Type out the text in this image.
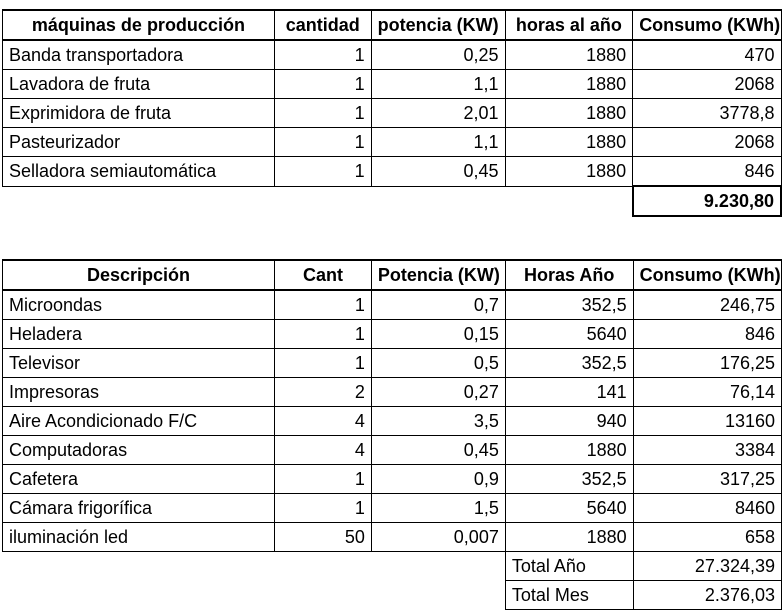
máquinas de producción	cantidad	potencia (KW)	horas al año	Consumo (KWh)
Banda transportadora	1	0,25	1880	470
Lavadora de fruta	1	1,1	1880	2068
Exprimidora de fruta	1	2,01	1880	3778,8
Pasteurizador	1	1,1	1880	2068
Selladora semiautomática	1	0,45	1880	846
				9.230,80
Descripción	Cant	Potencia (KW)	Horas Año	Consumo (KWh)
Microondas	1	0,7	352,5	246,75
Heladera	1	0,15	5640	846
Televisor	1	0,5	352,5	176,25
Impresoras	2	0,27	141	76,14
Aire Acondicionado F/C	4	3,5	940	13160
Computadoras	4	0,45	1880	3384
Cafetera	1	0,9	352,5	317,25
Cámara frigorífica	1	1,5	5640	8460
iluminación led	50	0,007	1880	658
			Total Año	27.324,39
			Total Mes	2.376,03
